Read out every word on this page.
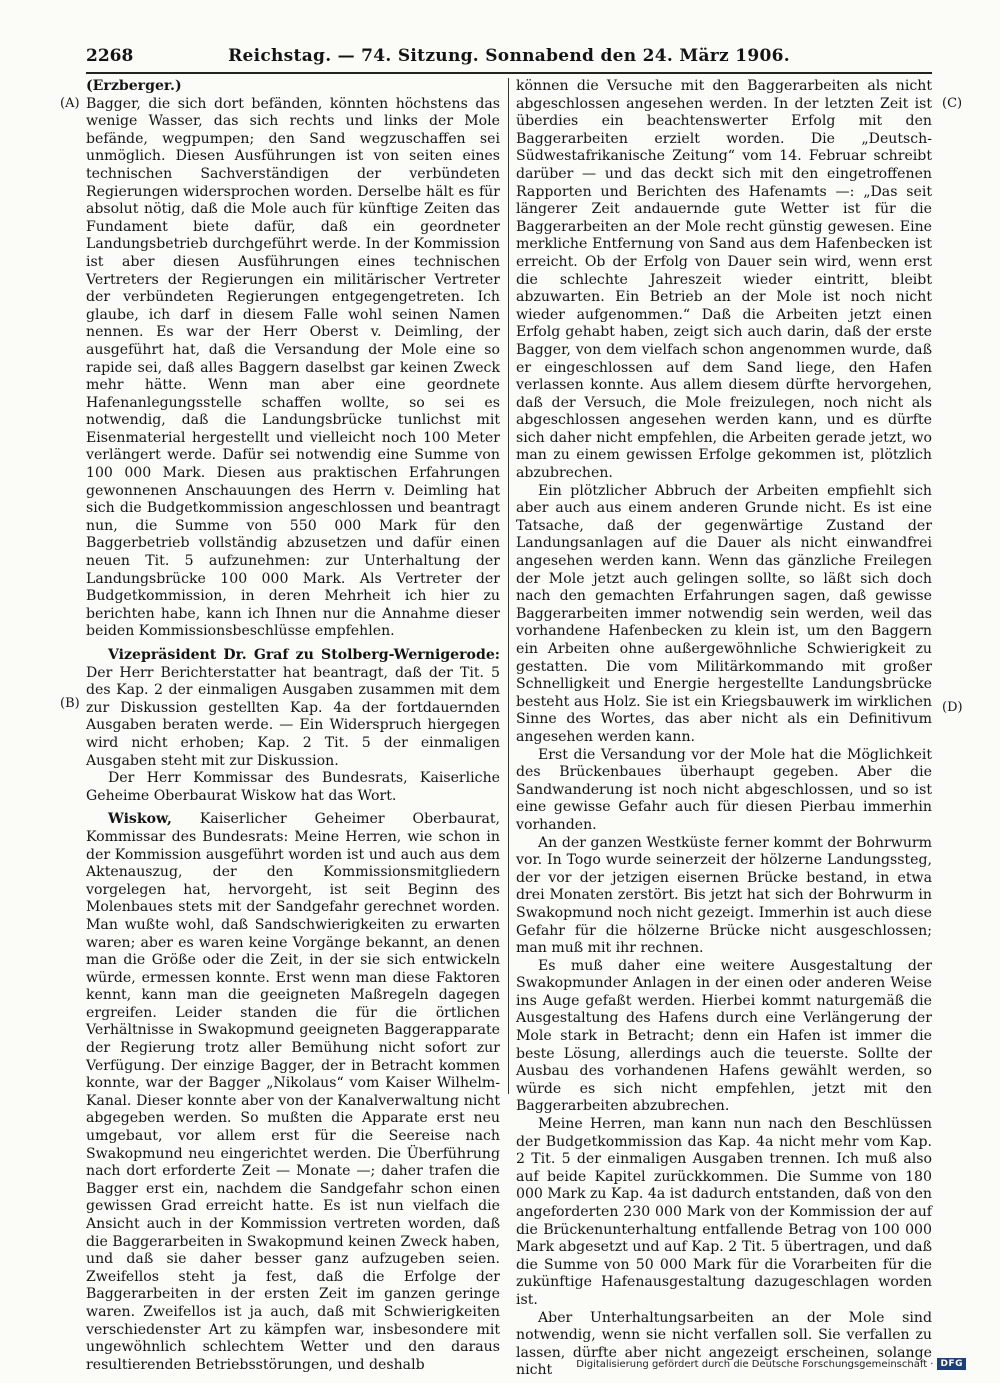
2268	Reichstag. — 74. Sitzung. Sonnabend den 24. März 1906.
(A)
(B)
(C)
(D)

(Erzberger.)

Bagger, die sich dort befänden, könnten höchstens das wenige Wasser, das sich rechts und links der Mole befände, wegpumpen; den Sand wegzuschaffen sei unmöglich. Diesen Ausführungen ist von seiten eines technischen Sachverständigen der verbündeten Regierungen widersprochen worden. Derselbe hält es für absolut nötig, daß die Mole auch für künftige Zeiten das Fundament biete dafür, daß ein geordneter Landungsbetrieb durchgeführt werde. In der Kommission ist aber diesen Ausführungen eines technischen Vertreters der Regierungen ein militärischer Vertreter der verbündeten Regierungen entgegengetreten. Ich glaube, ich darf in diesem Falle wohl seinen Namen nennen. Es war der Herr Oberst v. Deimling, der ausgeführt hat, daß die Versandung der Mole eine so rapide sei, daß alles Baggern daselbst gar keinen Zweck mehr hätte. Wenn man aber eine geordnete Hafenanlegungsstelle schaffen wollte, so sei es notwendig, daß die Landungsbrücke tunlichst mit Eisenmaterial hergestellt und vielleicht noch 100 Meter verlängert werde. Dafür sei notwendig eine Summe von 100 000 Mark. Diesen aus praktischen Erfahrungen gewonnenen Anschauungen des Herrn v. Deimling hat sich die Budgetkommission angeschlossen und beantragt nun, die Summe von 550 000 Mark für den Baggerbetrieb vollständig abzusetzen und dafür einen neuen Tit. 5 aufzunehmen: zur Unterhaltung der Landungsbrücke 100 000 Mark. Als Vertreter der Budgetkommission, in deren Mehrheit ich hier zu berichten habe, kann ich Ihnen nur die Annahme dieser beiden Kommissionsbeschlüsse empfehlen.

Vizepräsident Dr. Graf zu Stolberg-Wernigerode: Der Herr Berichterstatter hat beantragt, daß der Tit. 5 des Kap. 2 der einmaligen Ausgaben zusammen mit dem zur Diskussion gestellten Kap. 4a der fortdauernden Ausgaben beraten werde. — Ein Widerspruch hiergegen wird nicht erhoben; Kap. 2 Tit. 5 der einmaligen Ausgaben steht mit zur Diskussion.

Der Herr Kommissar des Bundesrats, Kaiserliche Geheime Oberbaurat Wiskow hat das Wort.

Wiskow, Kaiserlicher Geheimer Oberbaurat, Kommissar des Bundesrats: Meine Herren, wie schon in der Kommission ausgeführt worden ist und auch aus dem Aktenauszug, der den Kommissionsmitgliedern vorgelegen hat, hervorgeht, ist seit Beginn des Molenbaues stets mit der Sandgefahr gerechnet worden. Man wußte wohl, daß Sandschwierigkeiten zu erwarten waren; aber es waren keine Vorgänge bekannt, an denen man die Größe oder die Zeit, in der sie sich entwickeln würde, ermessen konnte. Erst wenn man diese Faktoren kennt, kann man die geeigneten Maßregeln dagegen ergreifen. Leider standen die für die örtlichen Verhältnisse in Swakopmund geeigneten Baggerapparate der Regierung trotz aller Bemühung nicht sofort zur Verfügung. Der einzige Bagger, der in Betracht kommen konnte, war der Bagger „Nikolaus“ vom Kaiser Wilhelm-Kanal. Dieser konnte aber von der Kanalverwaltung nicht abgegeben werden. So mußten die Apparate erst neu umgebaut, vor allem erst für die Seereise nach Swakopmund neu eingerichtet werden. Die Überführung nach dort erforderte Zeit — Monate —; daher trafen die Bagger erst ein, nachdem die Sandgefahr schon einen gewissen Grad erreicht hatte. Es ist nun vielfach die Ansicht auch in der Kommission vertreten worden, daß die Baggerarbeiten in Swakopmund keinen Zweck haben, und daß sie daher besser ganz aufzugeben seien. Zweifellos steht ja fest, daß die Erfolge der Baggerarbeiten in der ersten Zeit im ganzen geringe waren. Zweifellos ist ja auch, daß mit Schwierigkeiten verschiedenster Art zu kämpfen war, insbesondere mit ungewöhnlich schlechtem Wetter und den daraus resultierenden Betriebsstörungen, und deshalb

können die Versuche mit den Baggerarbeiten als nicht abgeschlossen angesehen werden. In der letzten Zeit ist überdies ein beachtenswerter Erfolg mit den Baggerarbeiten erzielt worden. Die „Deutsch-Südwestafrikanische Zeitung“ vom 14. Februar schreibt darüber — und das deckt sich mit den eingetroffenen Rapporten und Berichten des Hafenamts —: „Das seit längerer Zeit andauernde gute Wetter ist für die Baggerarbeiten an der Mole recht günstig gewesen. Eine merkliche Entfernung von Sand aus dem Hafenbecken ist erreicht. Ob der Erfolg von Dauer sein wird, wenn erst die schlechte Jahreszeit wieder eintritt, bleibt abzuwarten. Ein Betrieb an der Mole ist noch nicht wieder aufgenommen.“ Daß die Arbeiten jetzt einen Erfolg gehabt haben, zeigt sich auch darin, daß der erste Bagger, von dem vielfach schon angenommen wurde, daß er eingeschlossen auf dem Sand liege, den Hafen verlassen konnte. Aus allem diesem dürfte hervorgehen, daß der Versuch, die Mole freizulegen, noch nicht als abgeschlossen angesehen werden kann, und es dürfte sich daher nicht empfehlen, die Arbeiten gerade jetzt, wo man zu einem gewissen Erfolge gekommen ist, plötzlich abzubrechen.

Ein plötzlicher Abbruch der Arbeiten empfiehlt sich aber auch aus einem anderen Grunde nicht. Es ist eine Tatsache, daß der gegenwärtige Zustand der Landungsanlagen auf die Dauer als nicht einwandfrei angesehen werden kann. Wenn das gänzliche Freilegen der Mole jetzt auch gelingen sollte, so läßt sich doch nach den gemachten Erfahrungen sagen, daß gewisse Baggerarbeiten immer notwendig sein werden, weil das vorhandene Hafenbecken zu klein ist, um den Baggern ein Arbeiten ohne außergewöhnliche Schwierigkeit zu gestatten. Die vom Militärkommando mit großer Schnelligkeit und Energie hergestellte Landungsbrücke besteht aus Holz. Sie ist ein Kriegsbauwerk im wirklichen Sinne des Wortes, das aber nicht als ein Definitivum angesehen werden kann.

Erst die Versandung vor der Mole hat die Möglichkeit des Brückenbaues überhaupt gegeben. Aber die Sandwanderung ist noch nicht abgeschlossen, und so ist eine gewisse Gefahr auch für diesen Pierbau immerhin vorhanden.

An der ganzen Westküste ferner kommt der Bohrwurm vor. In Togo wurde seinerzeit der hölzerne Landungssteg, der vor der jetzigen eisernen Brücke bestand, in etwa drei Monaten zerstört. Bis jetzt hat sich der Bohrwurm in Swakopmund noch nicht gezeigt. Immerhin ist auch diese Gefahr für die hölzerne Brücke nicht ausgeschlossen; man muß mit ihr rechnen.

Es muß daher eine weitere Ausgestaltung der Swakopmunder Anlagen in der einen oder anderen Weise ins Auge gefaßt werden. Hierbei kommt naturgemäß die Ausgestaltung des Hafens durch eine Verlängerung der Mole stark in Betracht; denn ein Hafen ist immer die beste Lösung, allerdings auch die teuerste. Sollte der Ausbau des vorhandenen Hafens gewählt werden, so würde es sich nicht empfehlen, jetzt mit den Baggerarbeiten abzubrechen.

Meine Herren, man kann nun nach den Beschlüssen der Budgetkommission das Kap. 4a nicht mehr vom Kap. 2 Tit. 5 der einmaligen Ausgaben trennen. Ich muß also auf beide Kapitel zurückkommen. Die Summe von 180 000 Mark zu Kap. 4a ist dadurch entstanden, daß von den angeforderten 230 000 Mark von der Kommission der auf die Brückenunterhaltung entfallende Betrag von 100 000 Mark abgesetzt und auf Kap. 2 Tit. 5 übertragen, und daß die Summe von 50 000 Mark für die Vorarbeiten für die zukünftige Hafenausgestaltung dazugeschlagen worden ist.

Aber Unterhaltungsarbeiten an der Mole sind notwendig, wenn sie nicht verfallen soll. Sie verfallen zu lassen, dürfte aber nicht angezeigt erscheinen, solange nicht	Digitalisierung gefördert durch die Deutsche Forschungsgemeinschaft · DFG
